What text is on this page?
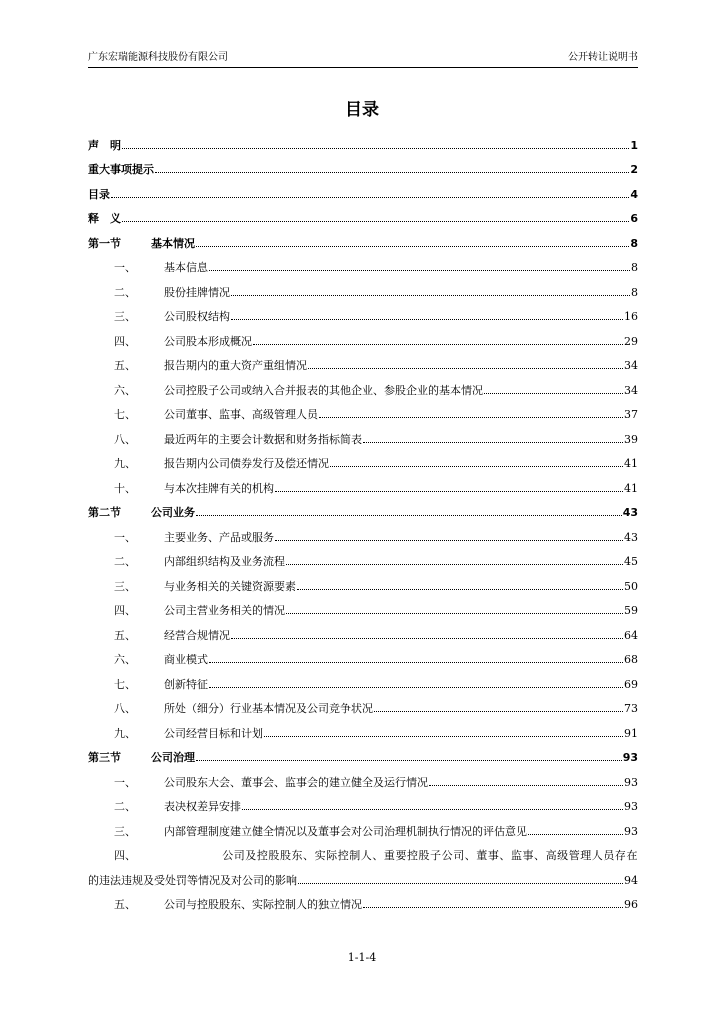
广东宏瑞能源科技股份有限公司	公开转让说明书
目录
声　明	1
重大事项提示	2
目录	4
释　义	6
第一节	基本情况	8
一、	基本信息	8
二、	股份挂牌情况	8
三、	公司股权结构	16
四、	公司股本形成概况	29
五、	报告期内的重大资产重组情况	34
六、	公司控股子公司或纳入合并报表的其他企业、参股企业的基本情况	34
七、	公司董事、监事、高级管理人员	37
八、	最近两年的主要会计数据和财务指标简表	39
九、	报告期内公司债券发行及偿还情况	41
十、	与本次挂牌有关的机构	41
第二节	公司业务	43
一、	主要业务、产品或服务	43
二、	内部组织结构及业务流程	45
三、	与业务相关的关键资源要素	50
四、	公司主营业务相关的情况	59
五、	经营合规情况	64
六、	商业模式	68
七、	创新特征	69
八、	所处（细分）行业基本情况及公司竞争状况	73
九、	公司经营目标和计划	91
第三节	公司治理	93
一、	公司股东大会、董事会、监事会的建立健全及运行情况	93
二、	表决权差异安排	93
三、	内部管理制度建立健全情况以及董事会对公司治理机制执行情况的评估意见	93
四、	公司及控股股东、实际控制人、重要控股子公司、董事、监事、高级管理人员存在
的违法违规及受处罚等情况及对公司的影响	94
五、	公司与控股股东、实际控制人的独立情况	96
1-1-4
